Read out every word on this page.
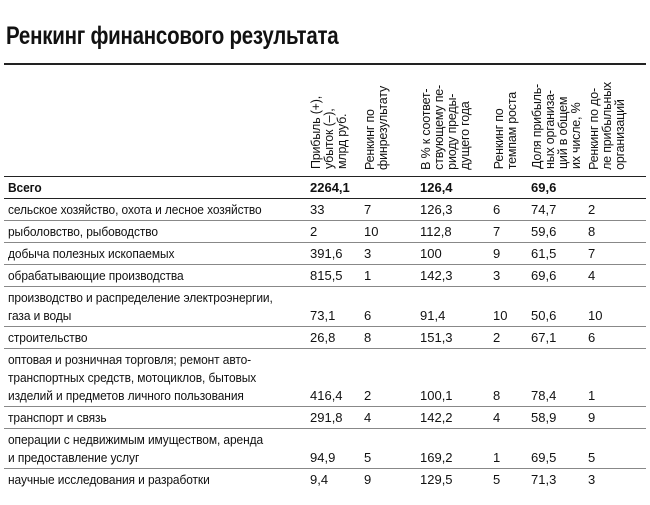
Ренкинг финансового результата

	Прибыль (+),
убыток (–),
млрд руб.	Ренкинг по
финрезультату	В % к соответ-
ствующему пе-
риоду преды-
дущего года	Ренкинг по
темпам роста	Доля прибыль-
ных организа-
ций в общем
их числе, %	Ренкинг по до-
ле прибыльных
организаций

Всего	2264,1		126,4		69,6	
сельское хозяйство, охота и лесное хозяйство	33	7	126,3	6	74,7	2
рыболовство, рыбоводство	2	10	112,8	7	59,6	8
добыча полезных ископаемых	391,6	3	100	9	61,5	7
обрабатывающие производства	815,5	1	142,3	3	69,6	4
производство и распределение электроэнергии,
газа и воды	73,1	6	91,4	10	50,6	10
строительство	26,8	8	151,3	2	67,1	6
оптовая и розничная торговля; ремонт авто-
транспортных средств, мотоциклов, бытовых
изделий и предметов личного пользования	416,4	2	100,1	8	78,4	1
транспорт и связь	291,8	4	142,2	4	58,9	9
операции с недвижимым имуществом, аренда
и предоставление услуг	94,9	5	169,2	1	69,5	5
научные исследования и разработки	9,4	9	129,5	5	71,3	3
